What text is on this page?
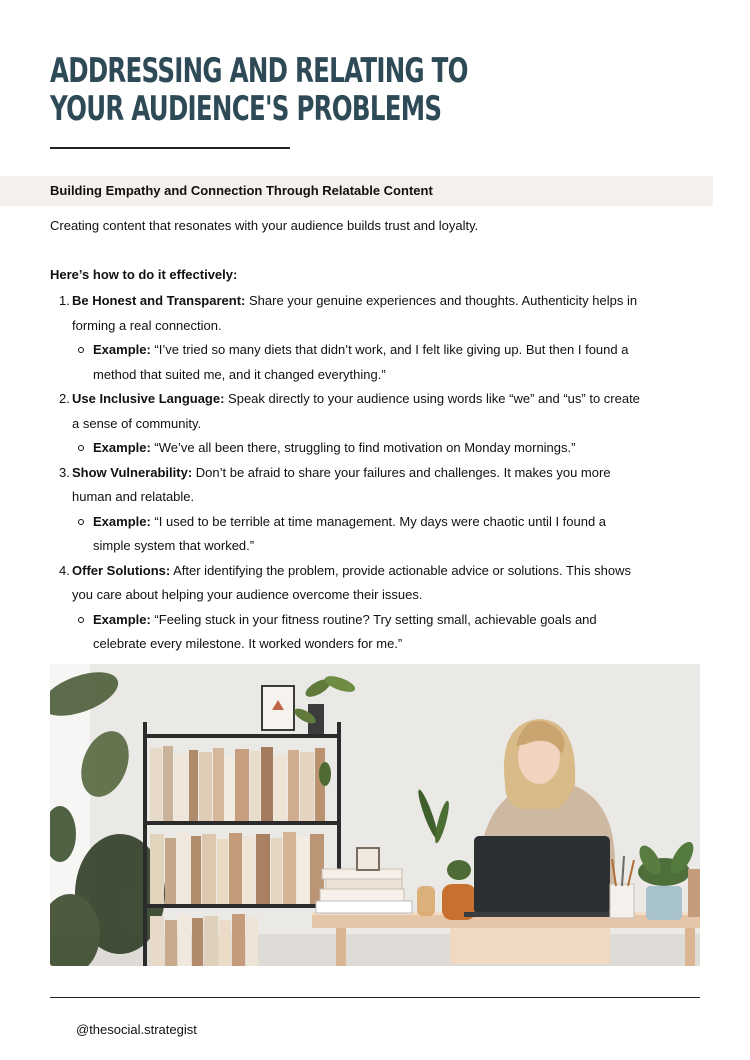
ADDRESSING AND RELATING TO
YOUR AUDIENCE'S PROBLEMS
Building Empathy and Connection Through Relatable Content

Creating content that resonates with your audience builds trust and loyalty.

Here’s how to do it effectively:

1. Be Honest and Transparent: Share your genuine experiences and thoughts. Authenticity helps in forming a real connection.
Example: “I’ve tried so many diets that didn’t work, and I felt like giving up. But then I found a method that suited me, and it changed everything.”
2. Use Inclusive Language: Speak directly to your audience using words like “we” and “us” to create a sense of community.
Example: “We’ve all been there, struggling to find motivation on Monday mornings.”
3. Show Vulnerability: Don’t be afraid to share your failures and challenges. It makes you more human and relatable.
Example: “I used to be terrible at time management. My days were chaotic until I found a simple system that worked.”
4. Offer Solutions: After identifying the problem, provide actionable advice or solutions. This shows you care about helping your audience overcome their issues.
Example: “Feeling stuck in your fitness routine? Try setting small, achievable goals and celebrate every milestone. It worked wonders for me.”
@thesocial.strategist
